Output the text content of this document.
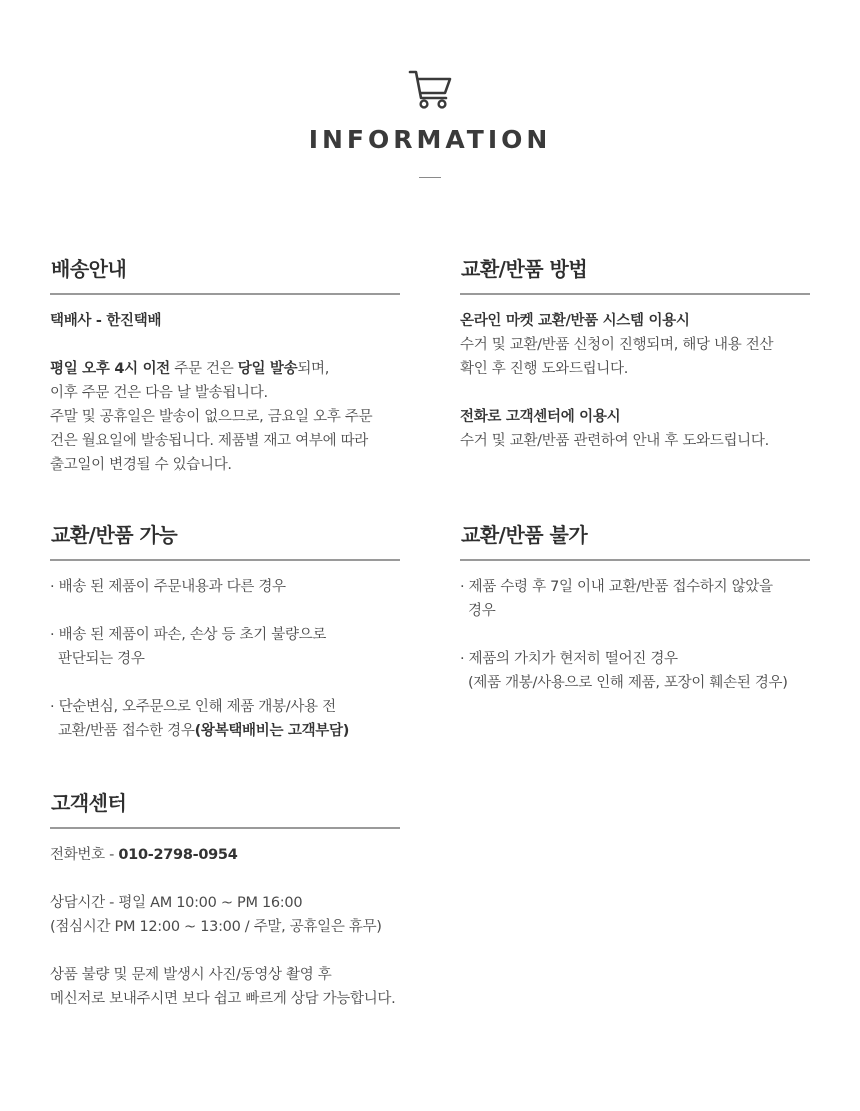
INFORMATION
배송안내

택배사 - 한진택배

평일 오후 4시 이전 주문 건은 당일 발송되며,

이후 주문 건은 다음 날 발송됩니다.

주말 및 공휴일은 발송이 없으므로, 금요일 오후 주문

건은 월요일에 발송됩니다. 제품별 재고 여부에 따라

출고일이 변경될 수 있습니다.

교환/반품 방법

온라인 마켓 교환/반품 시스템 이용시

수거 및 교환/반품 신청이 진행되며, 해당 내용 전산

확인 후 진행 도와드립니다.

전화로 고객센터에 이용시

수거 및 교환/반품 관련하여 안내 후 도와드립니다.

교환/반품 가능

· 배송 된 제품이 주문내용과 다른 경우

· 배송 된 제품이 파손, 손상 등 초기 불량으로

판단되는 경우

· 단순변심, 오주문으로 인해 제품 개봉/사용 전

교환/반품 접수한 경우(왕복택배비는 고객부담)

교환/반품 불가

· 제품 수령 후 7일 이내 교환/반품 접수하지 않았을

경우

· 제품의 가치가 현저히 떨어진 경우

(제품 개봉/사용으로 인해 제품, 포장이 훼손된 경우)

고객센터

전화번호 - 010-2798-0954

상담시간 - 평일 AM 10:00 ~ PM 16:00

(점심시간 PM 12:00 ~ 13:00 / 주말, 공휴일은 휴무)

상품 불량 및 문제 발생시 사진/동영상 촬영 후

메신저로 보내주시면 보다 쉽고 빠르게 상담 가능합니다.
